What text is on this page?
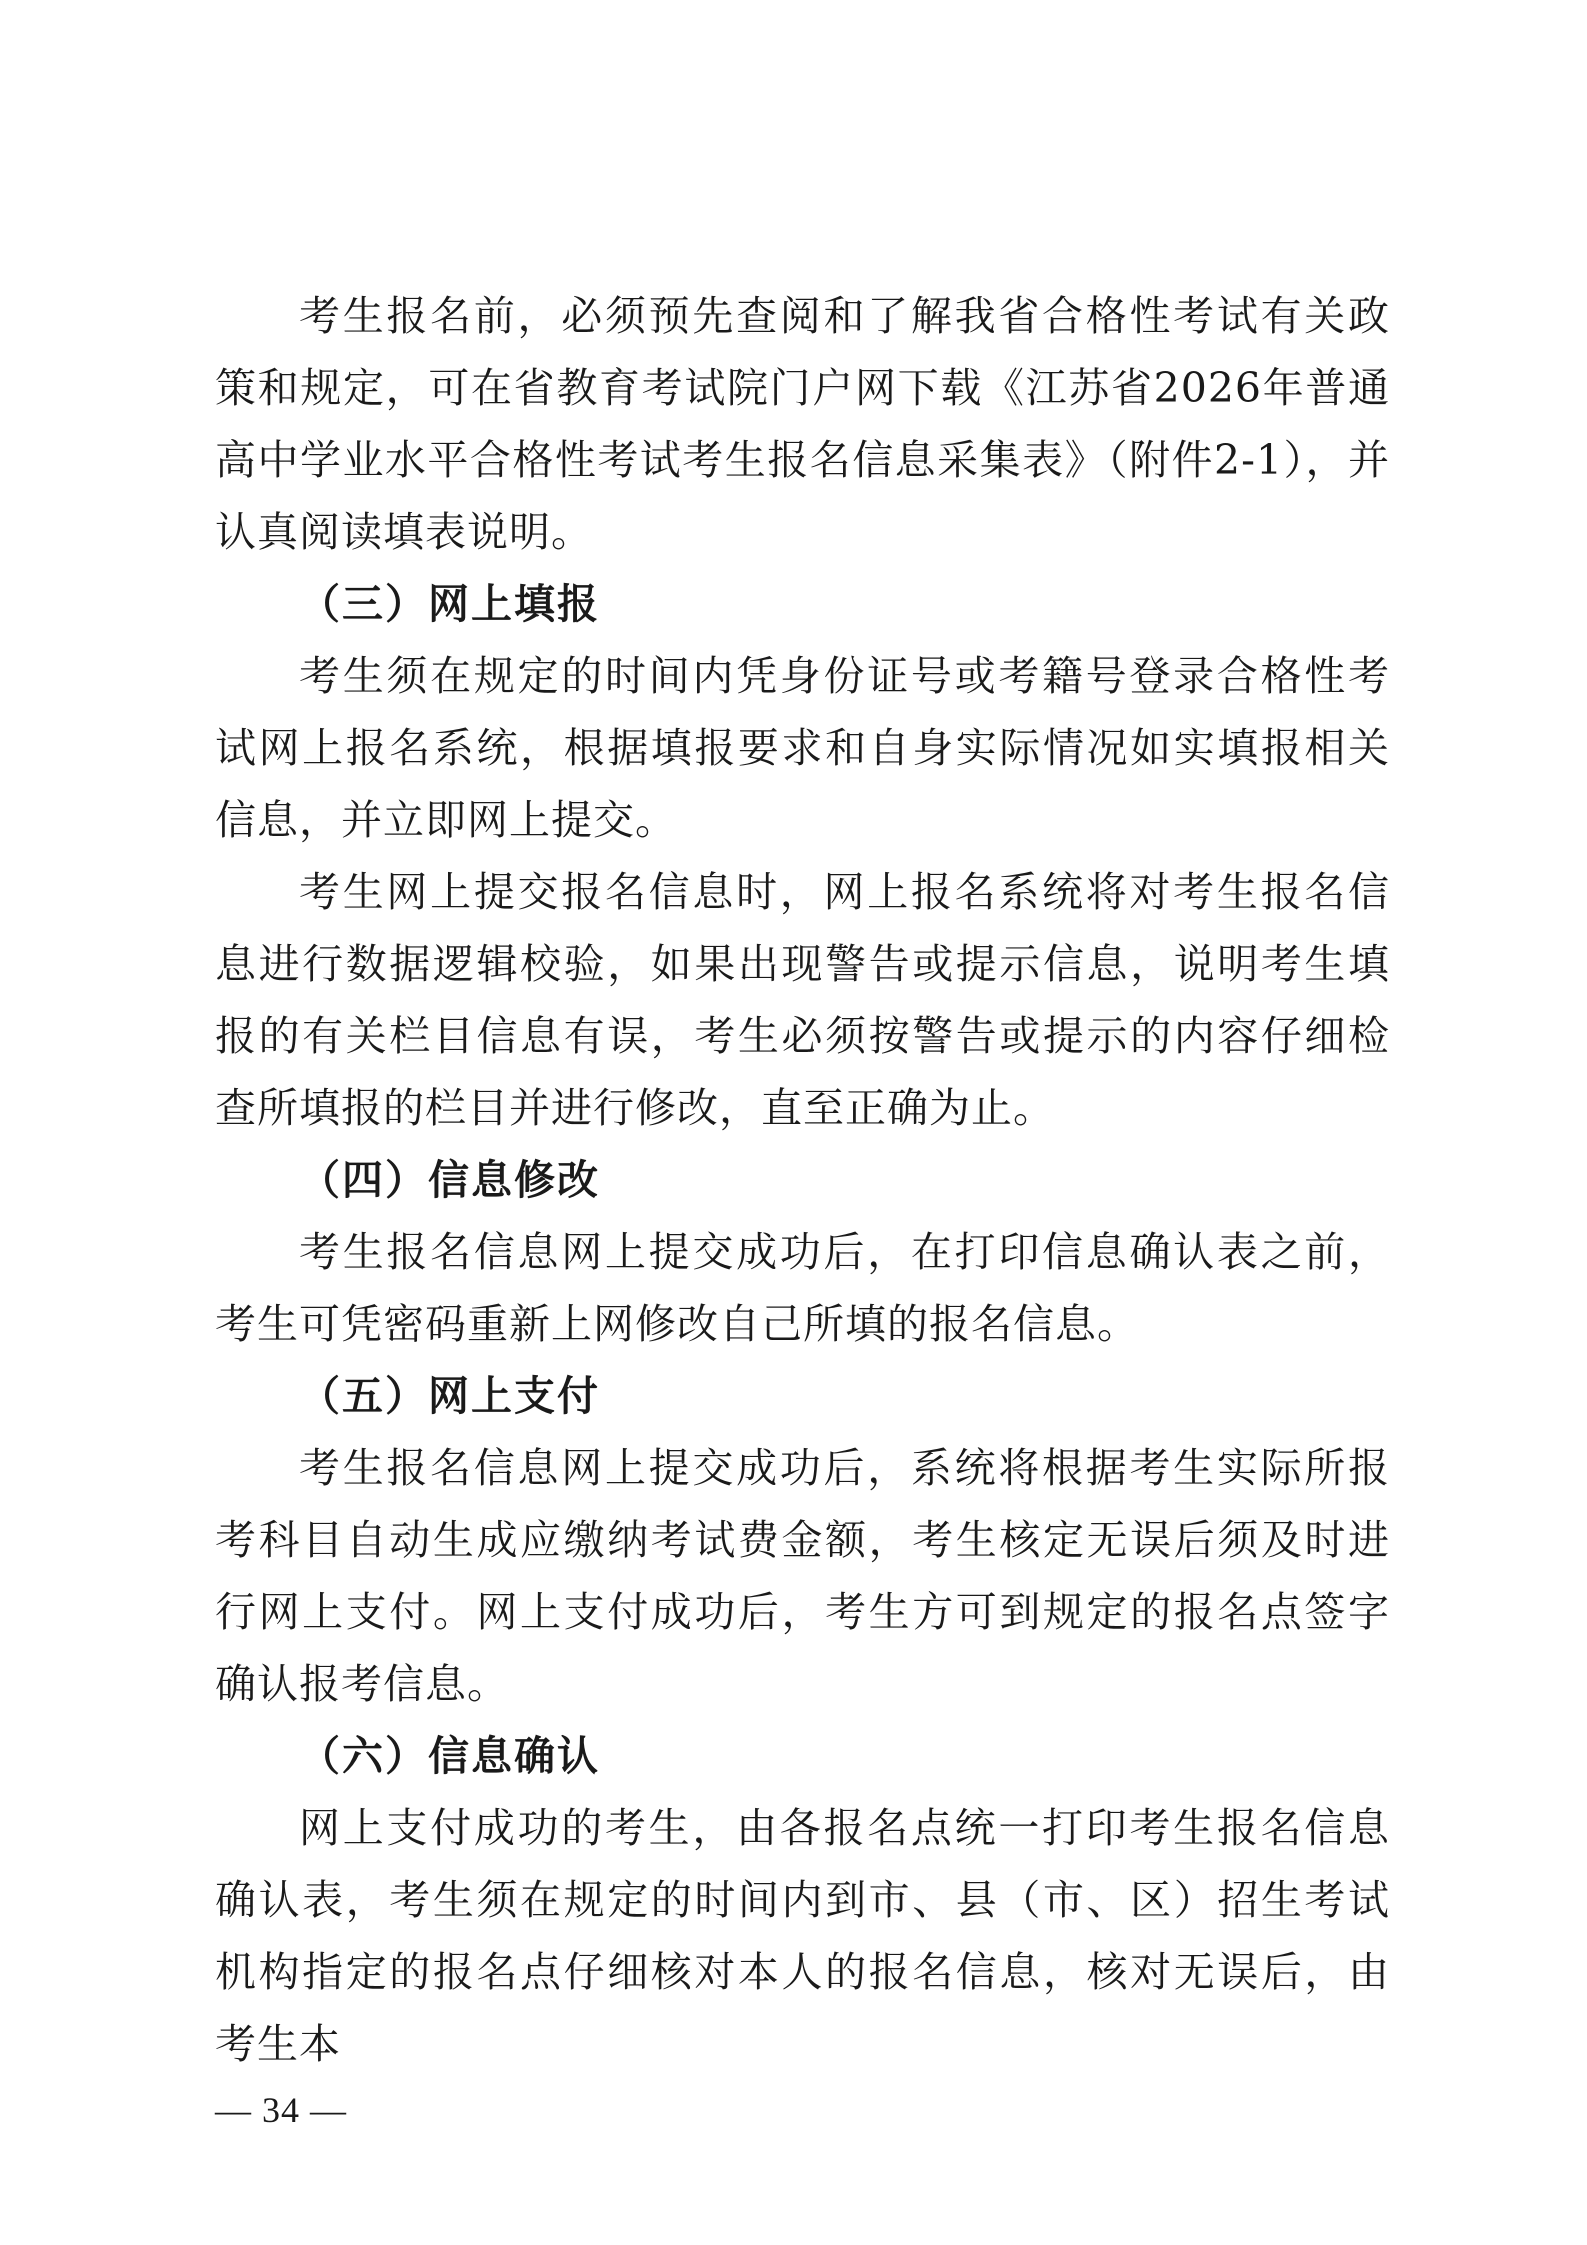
考生报名前，必须预先查阅和了解我省合格性考试有关政策和规定，可在省教育考试院门户网下载《江苏省2026年普通高中学业水平合格性考试考生报名信息采集表》（附件2-1），并认真阅读填表说明。

（三）网上填报

考生须在规定的时间内凭身份证号或考籍号登录合格性考试网上报名系统，根据填报要求和自身实际情况如实填报相关信息，并立即网上提交。

考生网上提交报名信息时，网上报名系统将对考生报名信息进行数据逻辑校验，如果出现警告或提示信息，说明考生填报的有关栏目信息有误，考生必须按警告或提示的内容仔细检查所填报的栏目并进行修改，直至正确为止。

（四）信息修改

考生报名信息网上提交成功后，在打印信息确认表之前，考生可凭密码重新上网修改自己所填的报名信息。

（五）网上支付

考生报名信息网上提交成功后，系统将根据考生实际所报考科目自动生成应缴纳考试费金额，考生核定无误后须及时进行网上支付。网上支付成功后，考生方可到规定的报名点签字确认报考信息。

（六）信息确认

网上支付成功的考生，由各报名点统一打印考生报名信息确认表，考生须在规定的时间内到市、县（市、区）招生考试机构指定的报名点仔细核对本人的报名信息，核对无误后，由考生本

— 34 —
